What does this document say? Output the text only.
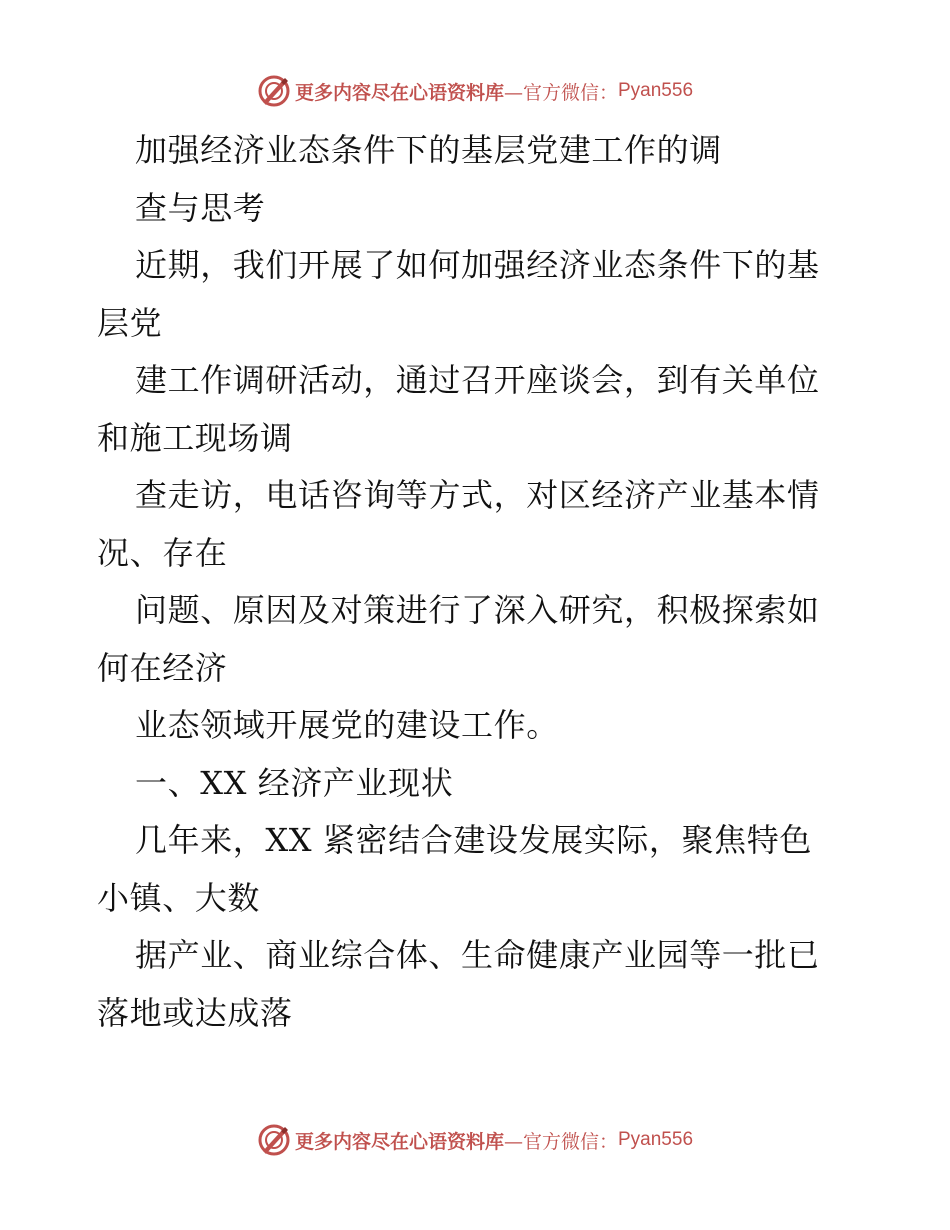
更多内容尽在心语资料库 —官方微信： Pyan556
加强经济业态条件下的基层党建工作的调
查与思考
近期，我们开展了如何加强经济业态条件下的基
层党
建工作调研活动，通过召开座谈会，到有关单位
和施工现场调
查走访，电话咨询等方式，对区经济产业基本情
况、存在
问题、原因及对策进行了深入研究，积极探索如
何在经济
业态领域开展党的建设工作。
一、XX 经济产业现状
几年来，XX 紧密结合建设发展实际，聚焦特色
小镇、大数
据产业、商业综合体、生命健康产业园等一批已
落地或达成落
更多内容尽在心语资料库 —官方微信： Pyan556
